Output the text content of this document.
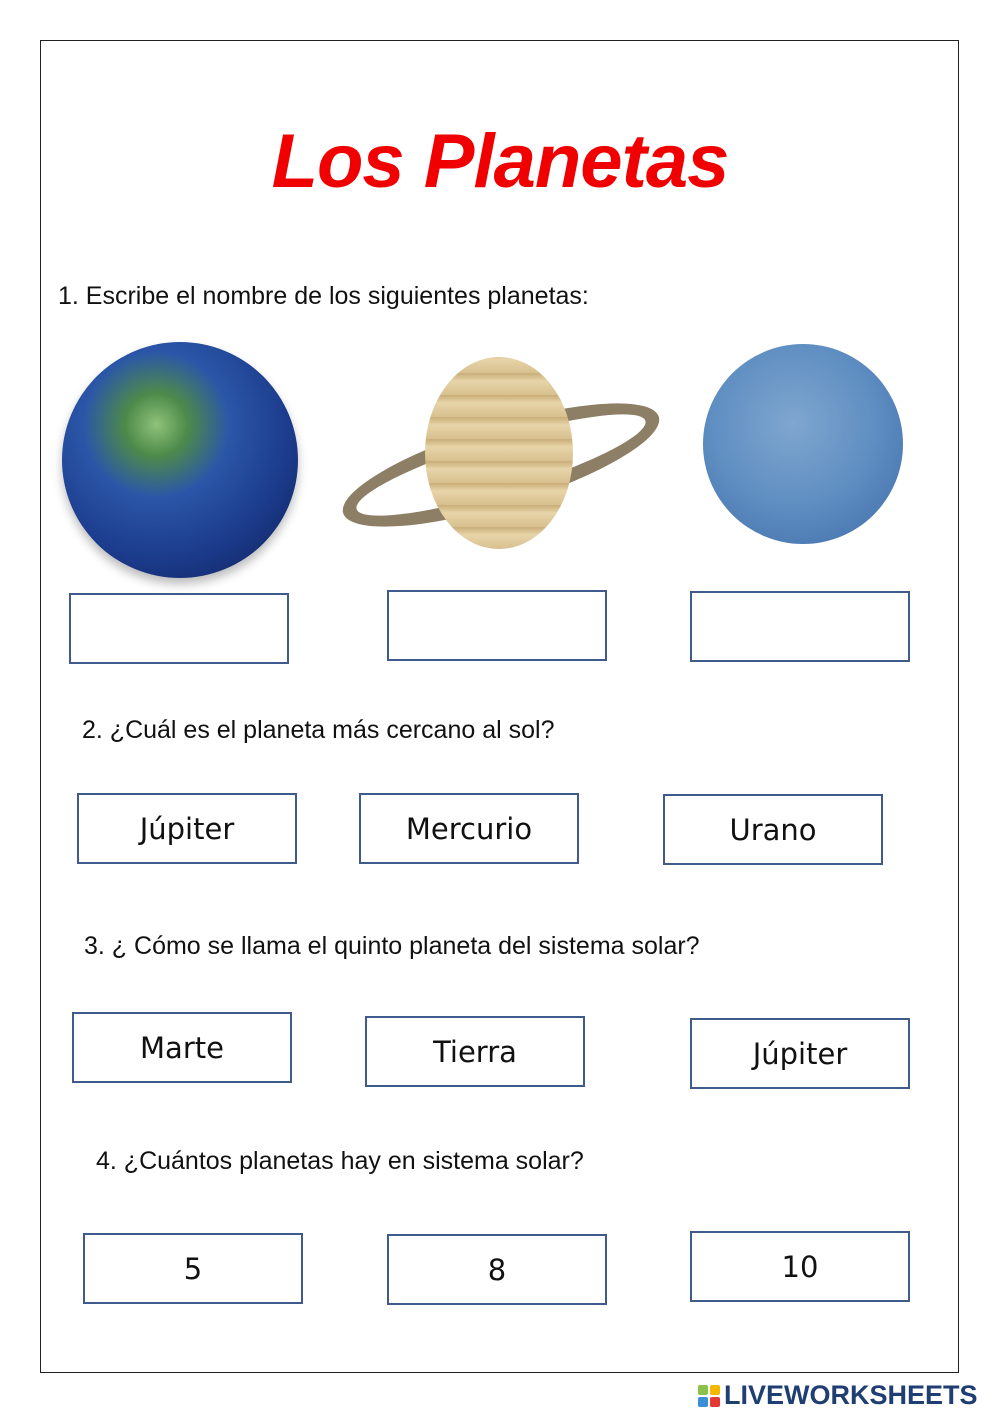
Los Planetas
1. Escribe el nombre de los siguientes planetas:
2. ¿Cuál es el planeta más cercano al sol?
Júpiter	Mercurio	Urano
3. ¿ Cómo se llama el quinto planeta del sistema solar?
Marte	Tierra	Júpiter
4. ¿Cuántos planetas hay en sistema solar?
5	8	10
LIVEWORKSHEETS
